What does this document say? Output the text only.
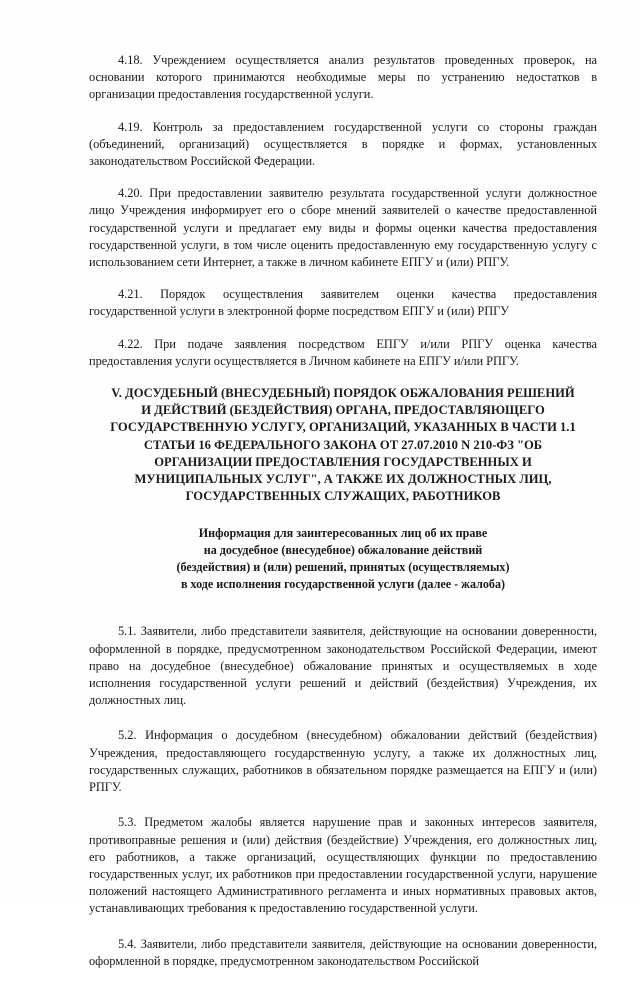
4.18. Учреждением осуществляется анализ результатов проведенных проверок, на основании которого принимаются необходимые меры по устранению недостатков в организации предоставления государственной услуги.

4.19. Контроль за предоставлением государственной услуги со стороны граждан (объединений, организаций) осуществляется в порядке и формах, установленных законодательством Российской Федерации.

4.20. При предоставлении заявителю результата государственной услуги должностное лицо Учреждения информирует его о сборе мнений заявителей о качестве предоставленной государственной услуги и предлагает ему виды и формы оценки качества предоставления государственной услуги, в том числе оценить предоставленную ему государственную услугу с использованием сети Интернет, а также в личном кабинете ЕПГУ и (или) РПГУ.

4.21. Порядок осуществления заявителем оценки качества предоставления государственной услуги в электронной форме посредством ЕПГУ и (или) РПГУ

4.22. При подаче заявления посредством ЕПГУ и/или РПГУ оценка качества предоставления услуги осуществляется в Личном кабинете на ЕПГУ и/или РПГУ.

V. ДОСУДЕБНЫЙ (ВНЕСУДЕБНЫЙ) ПОРЯДОК ОБЖАЛОВАНИЯ РЕШЕНИЙ
И ДЕЙСТВИЙ (БЕЗДЕЙСТВИЯ) ОРГАНА, ПРЕДОСТАВЛЯЮЩЕГО
ГОСУДАРСТВЕННУЮ УСЛУГУ, ОРГАНИЗАЦИЙ, УКАЗАННЫХ В ЧАСТИ 1.1
СТАТЬИ 16 ФЕДЕРАЛЬНОГО ЗАКОНА ОТ 27.07.2010 N 210-ФЗ "ОБ
ОРГАНИЗАЦИИ ПРЕДОСТАВЛЕНИЯ ГОСУДАРСТВЕННЫХ И
МУНИЦИПАЛЬНЫХ УСЛУГ", А ТАКЖЕ ИХ ДОЛЖНОСТНЫХ ЛИЦ,
ГОСУДАРСТВЕННЫХ СЛУЖАЩИХ, РАБОТНИКОВ
Информация для заинтересованных лиц об их праве
на досудебное (внесудебное) обжалование действий
(бездействия) и (или) решений, принятых (осуществляемых)
в ходе исполнения государственной услуги (далее - жалоба)

5.1. Заявители, либо представители заявителя, действующие на основании доверенности, оформленной в порядке, предусмотренном законодательством Российской Федерации, имеют право на досудебное (внесудебное) обжалование принятых и осуществляемых в ходе исполнения государственной услуги решений и действий (бездействия) Учреждения, их должностных лиц.

5.2. Информация о досудебном (внесудебном) обжаловании действий (бездействия) Учреждения, предоставляющего государственную услугу, а также их должностных лиц, государственных служащих, работников в обязательном порядке размещается на ЕПГУ и (или) РПГУ.

5.3. Предметом жалобы является нарушение прав и законных интересов заявителя, противоправные решения и (или) действия (бездействие) Учреждения, его должностных лиц, его работников, а также организаций, осуществляющих функции по предоставлению государственных услуг, их работников при предоставлении государственной услуги, нарушение положений настоящего Административного регламента и иных нормативных правовых актов, устанавливающих требования к предоставлению государственной услуги.

5.4. Заявители, либо представители заявителя, действующие на основании доверенности, оформленной в порядке, предусмотренном законодательством Российской
